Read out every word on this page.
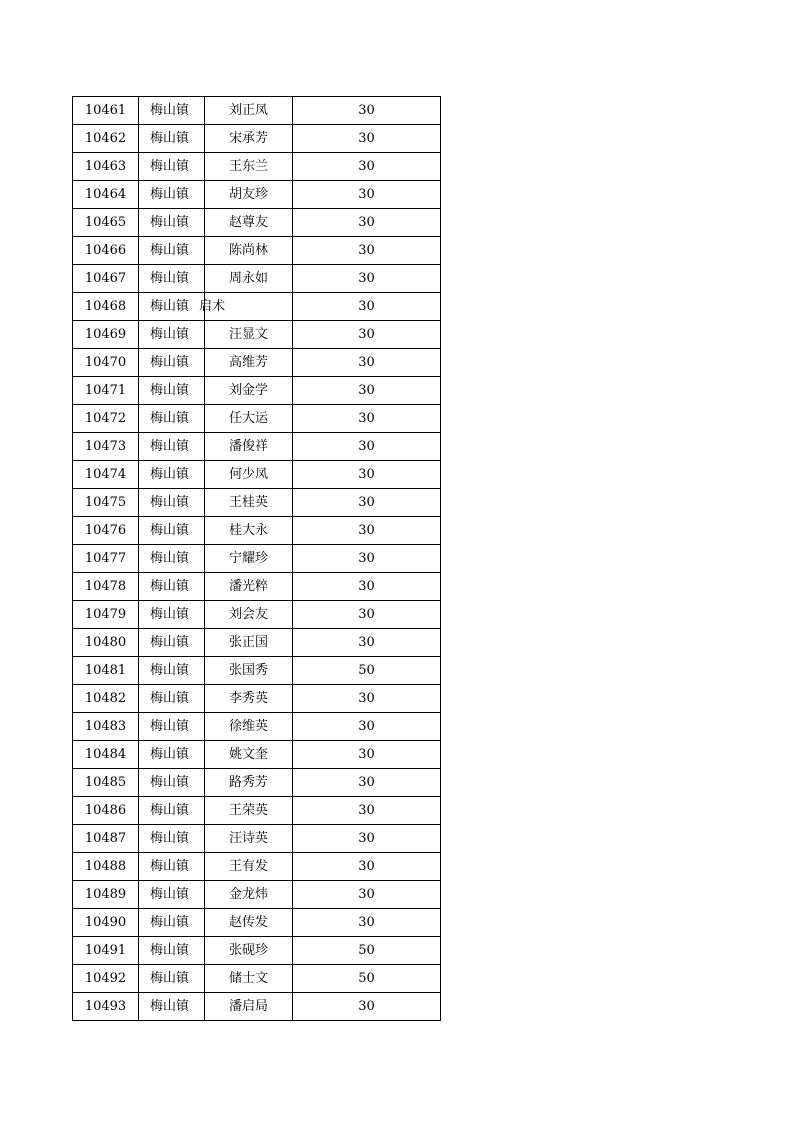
10461	梅山镇	刘正凤	30
10462	梅山镇	宋承芳	30
10463	梅山镇	王东兰	30
10464	梅山镇	胡友珍	30
10465	梅山镇	赵尊友	30
10466	梅山镇	陈尚林	30
10467	梅山镇	周永如	30
10468	梅山镇	启术	30
10469	梅山镇	汪显文	30
10470	梅山镇	高维芳	30
10471	梅山镇	刘金学	30
10472	梅山镇	任大运	30
10473	梅山镇	潘俊祥	30
10474	梅山镇	何少凤	30
10475	梅山镇	王桂英	30
10476	梅山镇	桂大永	30
10477	梅山镇	宁耀珍	30
10478	梅山镇	潘光粹	30
10479	梅山镇	刘会友	30
10480	梅山镇	张正国	30
10481	梅山镇	张国秀	50
10482	梅山镇	李秀英	30
10483	梅山镇	徐维英	30
10484	梅山镇	姚文奎	30
10485	梅山镇	路秀芳	30
10486	梅山镇	王荣英	30
10487	梅山镇	汪诗英	30
10488	梅山镇	王有发	30
10489	梅山镇	金龙炜	30
10490	梅山镇	赵传发	30
10491	梅山镇	张砚珍	50
10492	梅山镇	储士文	50
10493	梅山镇	潘启局	30
